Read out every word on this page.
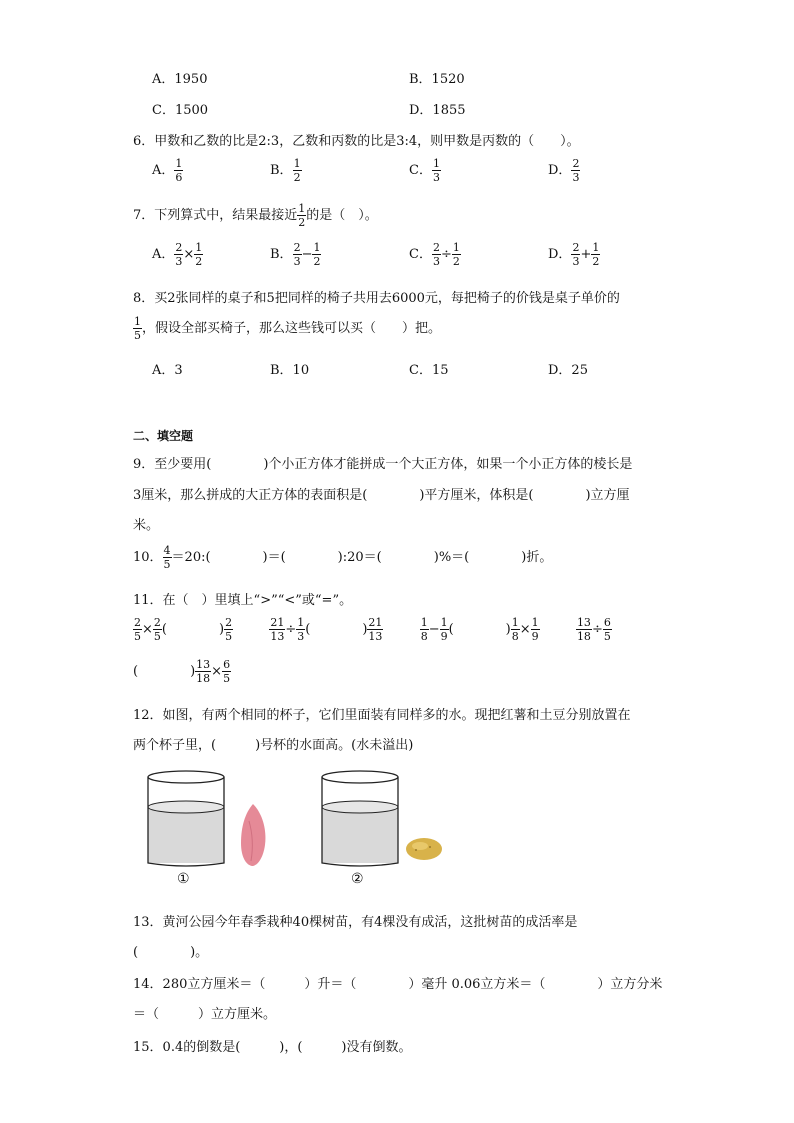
A．1950	B．1520
C．1500	D．1855
6．甲数和乙数的比是2:3，乙数和丙数的比是3:4，则甲数是丙数的（　　）。
A． $\frac{1}{6}$	B． $\frac{1}{2}$	C． $\frac{1}{3}$	D． $\frac{2}{3}$
7．下列算式中，结果最接近 $\frac{1}{2}$ 的是（　）。
A． $\frac{2}{3} \times \frac{1}{2}$	B． $\frac{2}{3} - \frac{1}{2}$	C． $\frac{2}{3} \div \frac{1}{2}$	D． $\frac{2}{3} + \frac{1}{2}$
8．买2张同样的桌子和5把同样的椅子共用去6000元，每把椅子的价钱是桌子单价的
$\frac{1}{5}$ ，假设全部买椅子，那么这些钱可以买（　　）把。
A．3	B．10	C．15	D．25
二、填空题
9．至少要用(　　　　)个小正方体才能拼成一个大正方体，如果一个小正方体的棱长是
3厘米，那么拼成的大正方体的表面积是(　　　　)平方厘米，体积是(　　　　)立方厘
米。
10． $\frac{4}{5}$ ＝20:(　　　　)＝(　　　　):20＝(　　　　)%＝(　　　　)折。
11．在（　）里填上“>”“<”或“=”。
$\frac{2}{5} \times \frac{2}{5}$ (　　　　) $\frac{2}{5}$
	$\frac{21}{13} \div \frac{1}{3}$ (　　　　) $\frac{21}{13}$
	$\frac{1}{8} - \frac{1}{9}$ (　　　　) $\frac{1}{8} \times \frac{1}{9}$
	$\frac{13}{18} \div \frac{6}{5}$
(　　　　) $\frac{13}{18} \times \frac{6}{5}$
12．如图，有两个相同的杯子，它们里面装有同样多的水。现把红薯和土豆分别放置在
两个杯子里，(　　　)号杯的水面高。(水未溢出)
①	②
13．黄河公园今年春季栽种40棵树苗，有4棵没有成活，这批树苗的成活率是
(　　　　)。
14．280立方厘米＝（　　　）升＝（　　　　）毫升 0.06立方米＝（　　　　）立方分米
＝（　　　）立方厘米。
15．0.4的倒数是(　　　)，(　　　)没有倒数。
